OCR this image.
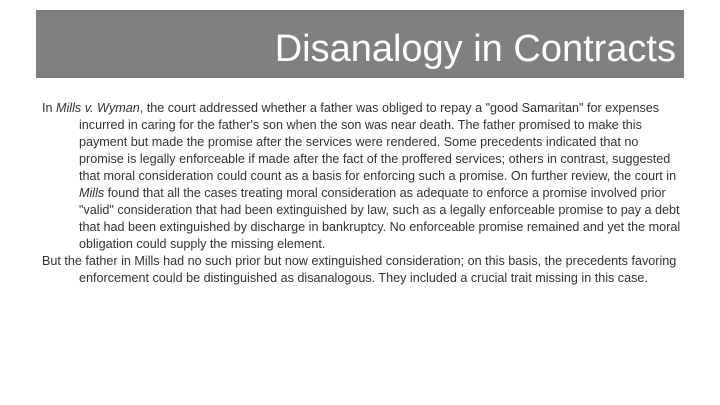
Disanalogy in Contracts

In Mills v. Wyman, the court addressed whether a father was obliged to repay a "good Samaritan" for expenses incurred in caring for the father's son when the son was near death. The father promised to make this payment but made the promise after the services were rendered. Some precedents indicated that no promise is legally enforceable if made after the fact of the proffered services; others in contrast, suggested that moral consideration could count as a basis for enforcing such a promise. On further review, the court in Mills found that all the cases treating moral consideration as adequate to enforce a promise involved prior "valid" consideration that had been extinguished by law, such as a legally enforceable promise to pay a debt that had been extinguished by discharge in bankruptcy. No enforceable promise remained and yet the moral obligation could supply the missing element.

But the father in Mills had no such prior but now extinguished consideration; on this basis, the precedents favoring enforcement could be distinguished as disanalogous. They included a crucial trait missing in this case.
